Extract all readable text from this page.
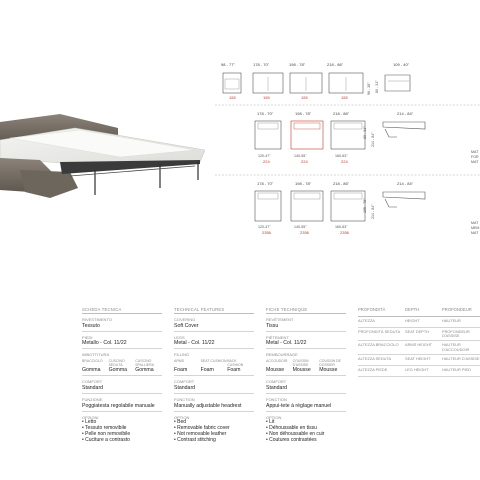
98 - 77"	178 - 70"	198 - 78"	218 - 86"
155	155	155	155
109 - 40"
96 - 38" 80 - 31"
178 - 70"	198 - 78"	218 - 86"
120-47"	140-55"	160-63"
224	224	224
80 - 31" 214 - 84"
214 - 84"
178 - 70"	198 - 78"	218 - 86"
120-47"	140-55"	160-63"
2356	2356	2356
195 - 76" 214 - 84"
214 - 84"
MAT
FOR
MAT
MAT
MEM
MAT
SCHEDA TECNICA
RIVESTIMENTO
Tessuto
PIEDI
Metallo - Col. 11/22
IMBOTTITURA
BRACCIOLO	CUSCINO SEDUTA
CUSCINO SPALLIERA
Gomma	Gomma	Gomma
COMFORT
Standard
FUNZIONE
Poggiatesta regolabile manuale
OPZIONI
• Letto
• Tessuto removibile
• Pelle non removibile
• Cuciture a contrasto
TECHNICAL FEATURES
COVERING
Soft Cover
LEGS
Metal - Col. 11/22
FILLING
ARMS	SEAT CUSHION BACK CUSHION
Foam	Foam	Foam
COMFORT
Standard
FUNCTION
Manually adjustable headrest
OPTION
• Bed
• Removable fabric cover
• Not removable leather
• Contrast stitching
FICHE TECHNIQUE
REVÊTEMENT
Tissu
PIÉTEMENT
Metal - Col. 11/22
REMBOURRAGE
ACCOUDOIR	COUSSIN D'ASSISE
COUSSIN DE DOSSIER
Mousse	Mousse	Mousse
COMFORT
Standard
FONCTION
Appui-tete à réglage manuel
OPTION
• Lit
• Déhoussable en tissu
• Non déhoussable en cuir
• Coutures contrastées
PROFONDITÀ	DEPTH	PROFONDEUR
ALTEZZA	HEIGHT	HAUTEUR
PROFONDITÀ SEDUTA	SEAT DEPTH	PROFONDEUR D'ASSISE
ALTEZZA BRACCIOLO	ARMS HEIGHT	HAUTEUR D'ACCOUDOIR
ALTEZZA SEDUTA	SEAT HEIGHT	HAUTEUR D'ASSISE
ALTEZZA PIEDE	LEG HEIGHT	HAUTEUR PIED
